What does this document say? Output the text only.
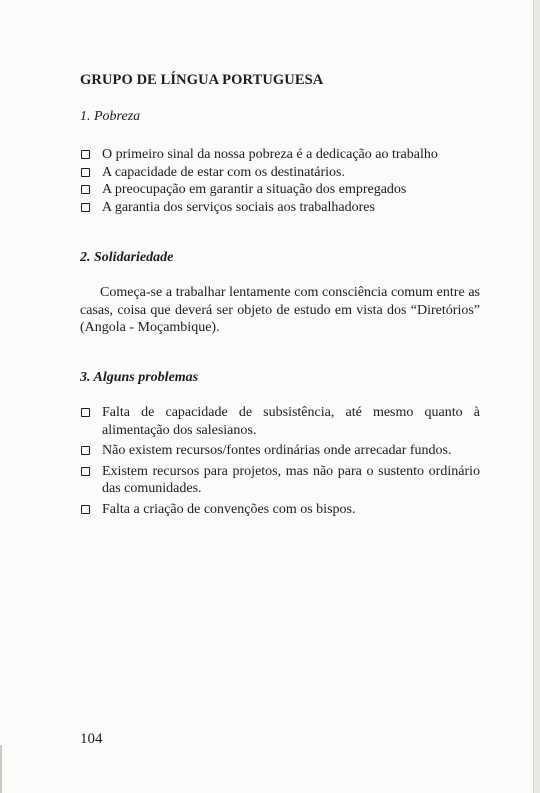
GRUPO DE LÍNGUA PORTUGUESA
1. Pobreza
O primeiro sinal da nossa pobreza é a dedicação ao trabalho
A capacidade de estar com os destinatários.
A preocupação em garantir a situação dos empregados
A garantia dos serviços sociais aos trabalhadores
2. Solidariedade

Começa-se a trabalhar lentamente com consciência comum entre as casas, coisa que deverá ser objeto de estudo em vista dos “Diretórios” (Angola - Moçambique).

3. Alguns problemas
Falta de capacidade de subsistência, até mesmo quanto à alimentação dos salesianos.
Não existem recursos/fontes ordinárias onde arrecadar fundos.
Existem recursos para projetos, mas não para o sustento ordinário das comunidades.
Falta a criação de convenções com os bispos.
104
